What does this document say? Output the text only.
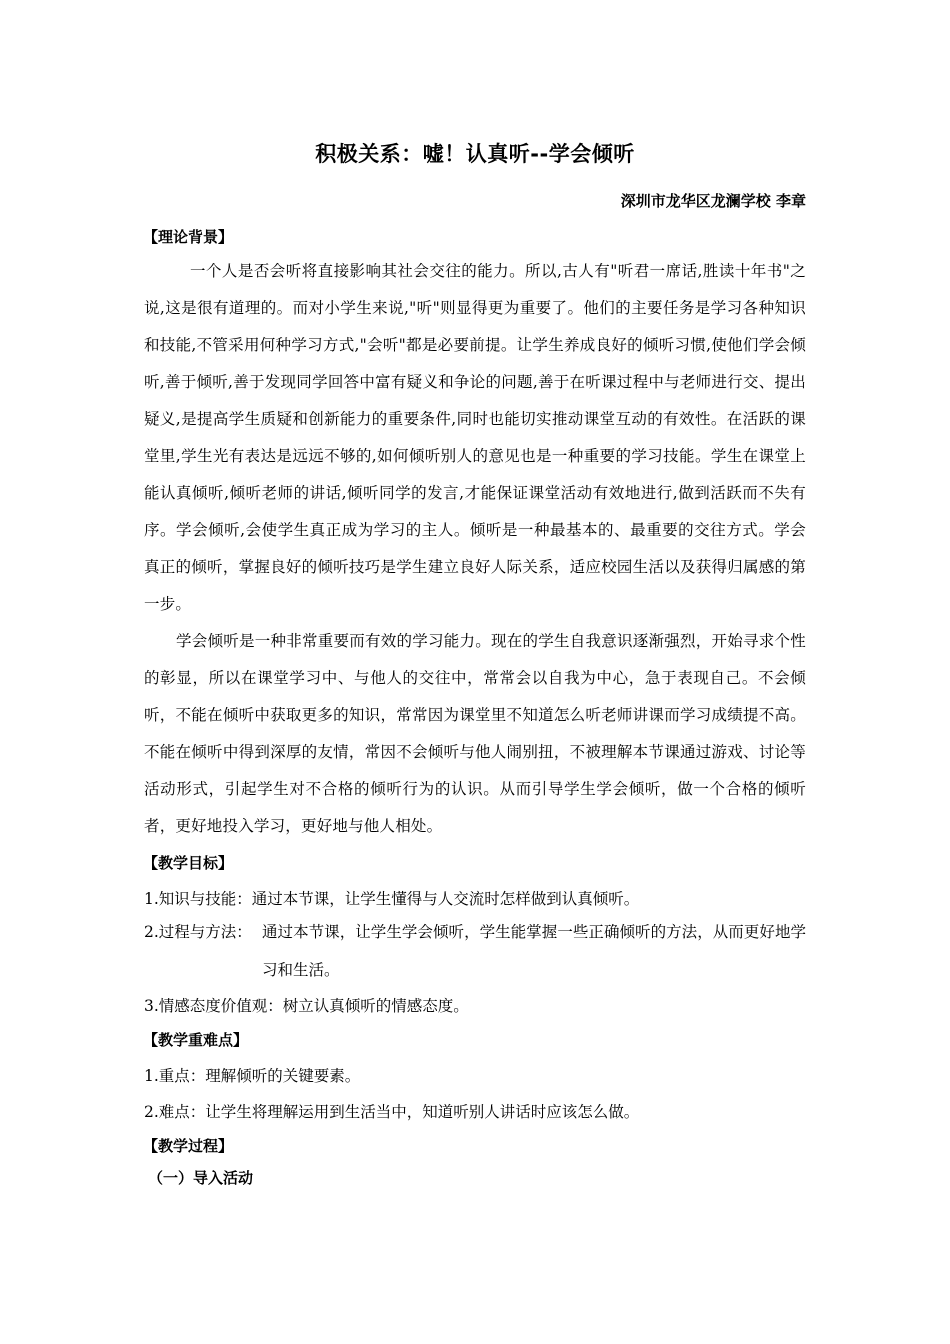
积极关系：嘘！认真听--学会倾听
深圳市龙华区龙澜学校 李章
【理论背景】

一个人是否会听将直接影响其社会交往的能力。所以,古人有"听君一席话,胜读十年书"之说,这是很有道理的。而对小学生来说,"听"则显得更为重要了。他们的主要任务是学习各种知识和技能,不管采用何种学习方式,"会听"都是必要前提。让学生养成良好的倾听习惯,使他们学会倾听,善于倾听,善于发现同学回答中富有疑义和争论的问题,善于在听课过程中与老师进行交、提出疑义,是提高学生质疑和创新能力的重要条件,同时也能切实推动课堂互动的有效性。在活跃的课堂里,学生光有表达是远远不够的,如何倾听别人的意见也是一种重要的学习技能。学生在课堂上能认真倾听,倾听老师的讲话,倾听同学的发言,才能保证课堂活动有效地进行,做到活跃而不失有序。学会倾听,会使学生真正成为学习的主人。倾听是一种最基本的、最重要的交往方式。学会真正的倾听，掌握良好的倾听技巧是学生建立良好人际关系，适应校园生活以及获得归属感的第一步。

学会倾听是一种非常重要而有效的学习能力。现在的学生自我意识逐渐强烈，开始寻求个性的彰显，所以在课堂学习中、与他人的交往中，常常会以自我为中心，急于表现自己。不会倾听，不能在倾听中获取更多的知识，常常因为课堂里不知道怎么听老师讲课而学习成绩提不高。不能在倾听中得到深厚的友情，常因不会倾听与他人闹别扭，不被理解本节课通过游戏、讨论等活动形式，引起学生对不合格的倾听行为的认识。从而引导学生学会倾听，做一个合格的倾听者，更好地投入学习，更好地与他人相处。

【教学目标】
1.知识与技能：通过本节课，让学生懂得与人交流时怎样做到认真倾听。
2.过程与方法： 通过本节课，让学生学会倾听，学生能掌握一些正确倾听的方法，从而更好地学习和生活。
3.情感态度价值观：树立认真倾听的情感态度。
【教学重难点】
1.重点：理解倾听的关键要素。
2.难点：让学生将理解运用到生活当中，知道听别人讲话时应该怎么做。
【教学过程】
（一）导入活动
